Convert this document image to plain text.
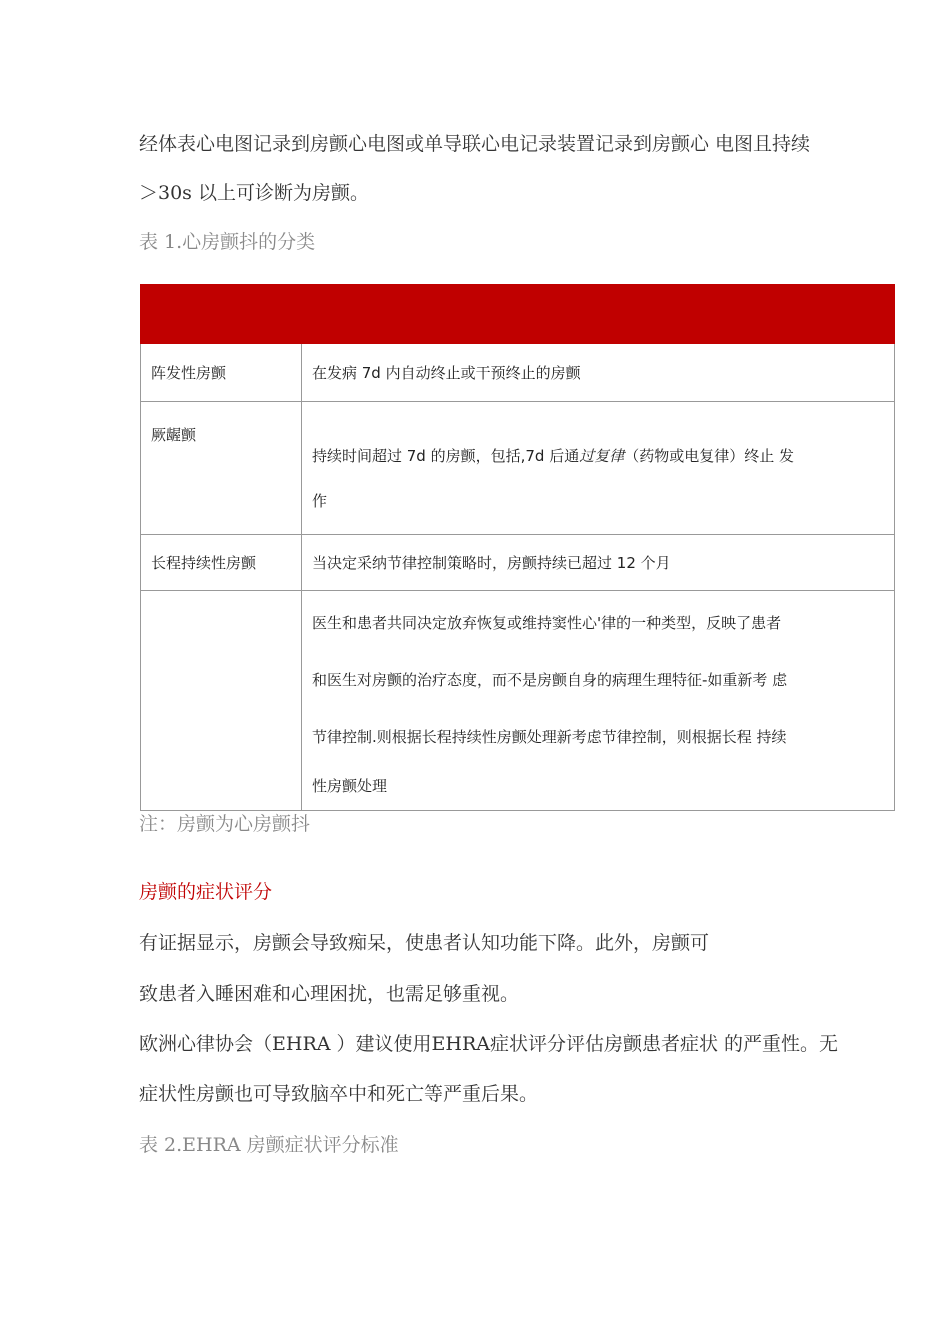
经体表心电图记录到房颤心电图或单导联心电记录装置记录到房颤心 电图且持续
＞30s 以上可诊断为房颤。
表 1.心房颤抖的分类

阵发性房颤	在发病 7d 内自动终止或干预终止的房颤
厥龌颤	持续时间超过 7d 的房颤，包括,7d 后通过复律（药物或电复律）终止 发

作

长程持续性房颤	当决定采纳节律控制策略时，房颤持续已超过 12 个月

	医生和患者共同决定放弃恢复或维持窦性心'律的一种类型，反映了患者

和医生对房颤的治疗态度，而不是房颤自身的病理生理特征-如重新考 虑

节律控制.则根据长程持续性房颤处理新考虑节律控制，则根据长程 持续

性房颤处理

注：房颤为心房颤抖
房颤的症状评分
有证据显示，房颤会导致痴呆，使患者认知功能下降。此外，房颤可
致患者入睡困难和心理困扰，也需足够重视。
欧洲心律协会（EHRA ）建议使用EHRA症状评分评估房颤患者症状 的严重性。无
症状性房颤也可导致脑卒中和死亡等严重后果。
表 2.EHRA 房颤症状评分标准
